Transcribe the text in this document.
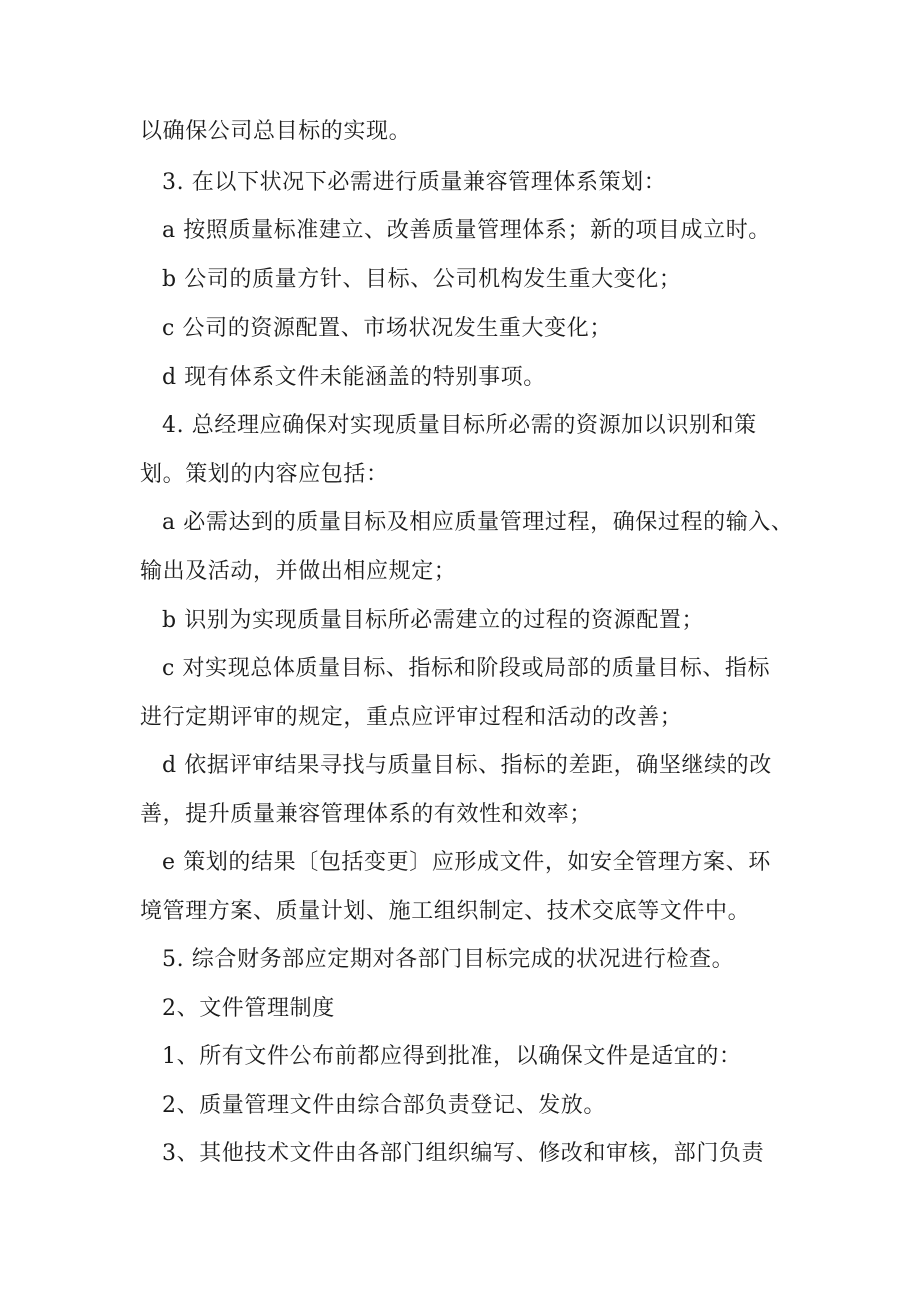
以确保公司总目标的实现。
3. 在以下状况下必需进行质量兼容管理体系策划：
a 按照质量标准建立、改善质量管理体系；新的项目成立时。
b 公司的质量方针、目标、公司机构发生重大变化；
c 公司的资源配置、市场状况发生重大变化；
d 现有体系文件未能涵盖的特别事项。
4. 总经理应确保对实现质量目标所必需的资源加以识别和策
划。策划的内容应包括：
a 必需达到的质量目标及相应质量管理过程，确保过程的输入、
输出及活动，并做出相应规定；
b 识别为实现质量目标所必需建立的过程的资源配置；
c 对实现总体质量目标、指标和阶段或局部的质量目标、指标
进行定期评审的规定，重点应评审过程和活动的改善；
d 依据评审结果寻找与质量目标、指标的差距，确坚继续的改
善，提升质量兼容管理体系的有效性和效率；
e 策划的结果〔包括变更〕应形成文件，如安全管理方案、环
境管理方案、质量计划、施工组织制定、技术交底等文件中。
5. 综合财务部应定期对各部门目标完成的状况进行检查。
2、文件管理制度
1、所有文件公布前都应得到批准，以确保文件是适宜的：
2、质量管理文件由综合部负责登记、发放。
3、其他技术文件由各部门组织编写、修改和审核，部门负责
